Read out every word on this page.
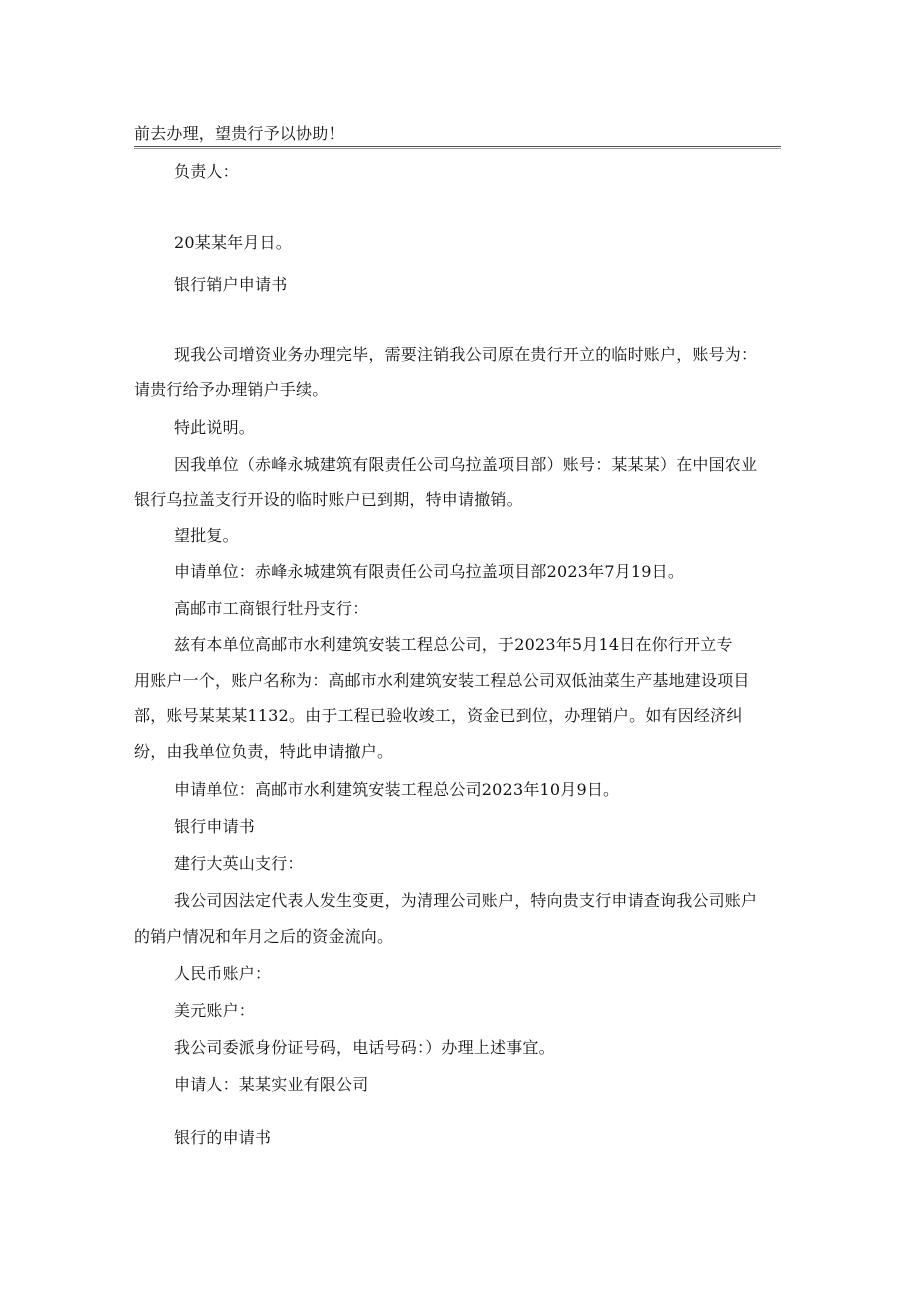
前去办理，望贵行予以协助！
负责人：
20某某年月日。
银行销户申请书
现我公司增资业务办理完毕，需要注销我公司原在贵行开立的临时账户，账号为：
请贵行给予办理销户手续。
特此说明。
因我单位（赤峰永城建筑有限责任公司乌拉盖项目部）账号：某某某）在中国农业
银行乌拉盖支行开设的临时账户已到期，特申请撤销。
望批复。
申请单位：赤峰永城建筑有限责任公司乌拉盖项目部2023年7月19日。
高邮市工商银行牡丹支行：
兹有本单位高邮市水利建筑安装工程总公司，于2023年5月14日在你行开立专
用账户一个，账户名称为：高邮市水利建筑安装工程总公司双低油菜生产基地建设项目
部，账号某某某1132。由于工程已验收竣工，资金已到位，办理销户。如有因经济纠
纷，由我单位负责，特此申请撤户。
申请单位：高邮市水利建筑安装工程总公司2023年10月9日。
银行申请书
建行大英山支行：
我公司因法定代表人发生变更，为清理公司账户，特向贵支行申请查询我公司账户
的销户情况和年月之后的资金流向。
人民币账户：
美元账户：
我公司委派身份证号码，电话号码：）办理上述事宜。
申请人：某某实业有限公司
银行的申请书
